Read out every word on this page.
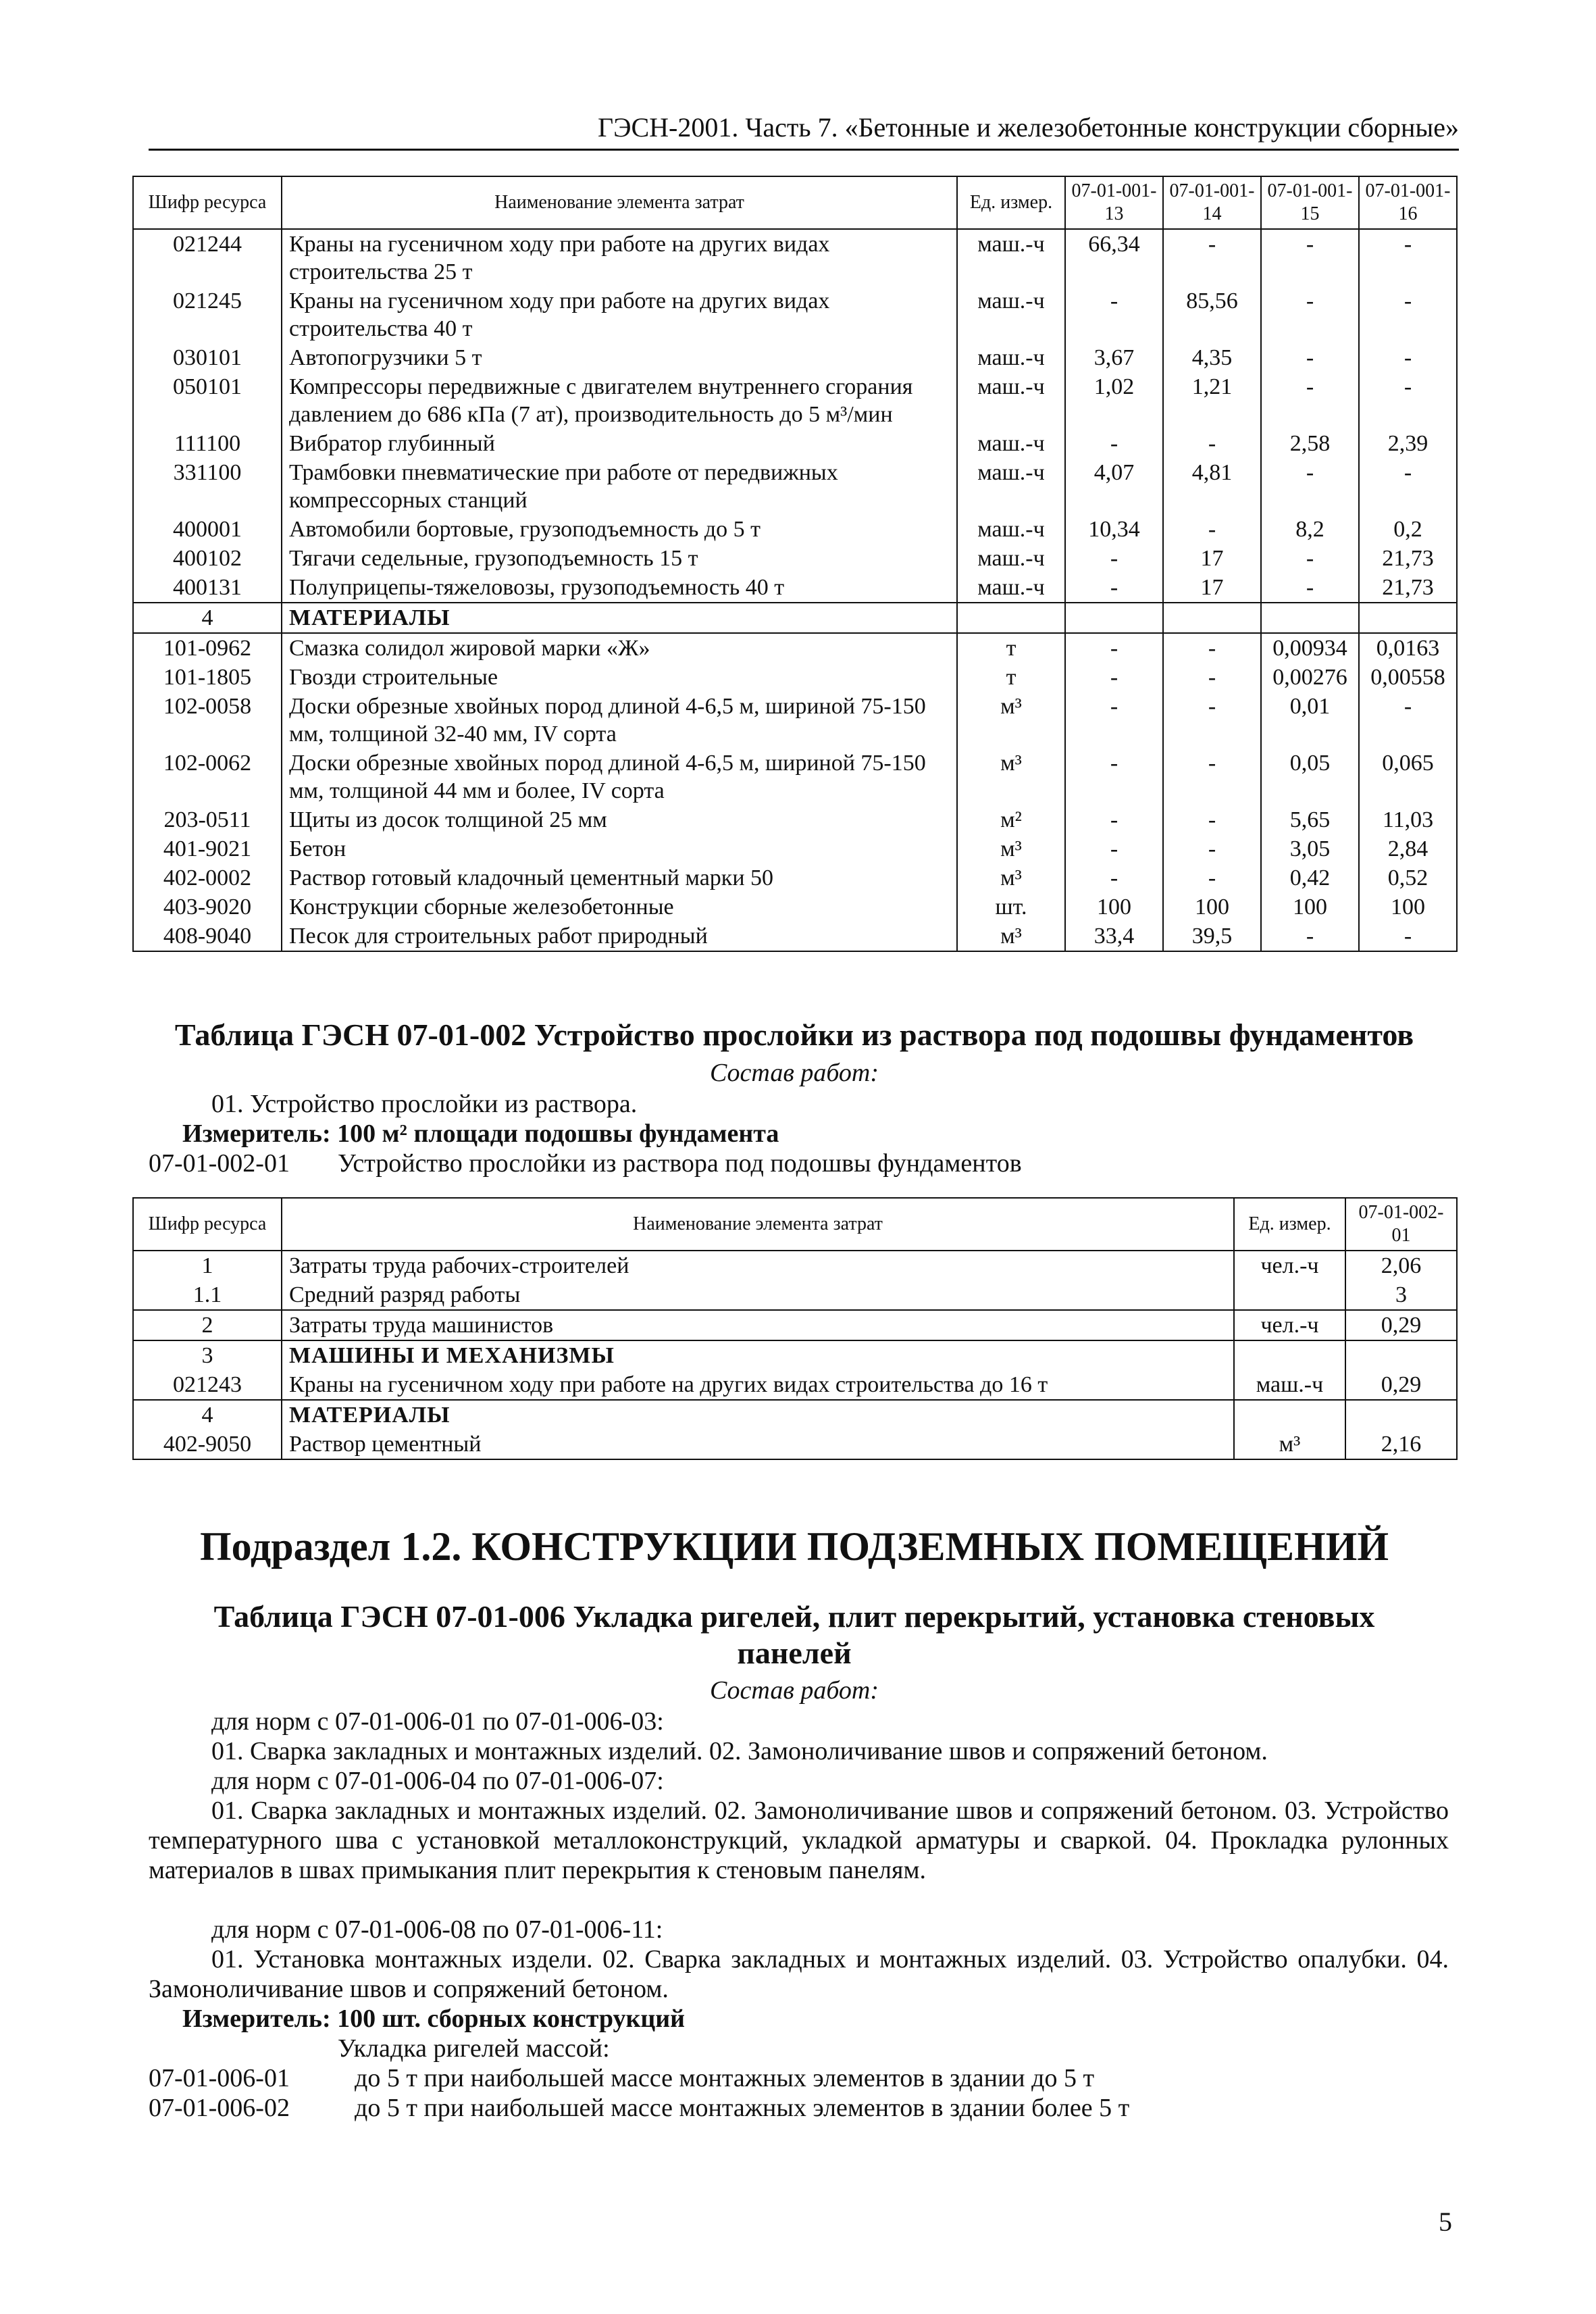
ГЭСН-2001. Часть 7. «Бетонные и железобетонные конструкции сборные»
Шифр ресурса	Наименование элемента затрат	Ед. измер.	07-01-001-13	07-01-001-14	07-01-001-15	07-01-001-16
021244	Краны на гусеничном ходу при работе на других видах строительства 25 т	маш.-ч	66,34	-	-	-
021245	Краны на гусеничном ходу при работе на других видах строительства 40 т	маш.-ч	-	85,56	-	-
030101	Автопогрузчики 5 т	маш.-ч	3,67	4,35	-	-
050101	Компрессоры передвижные с двигателем внутреннего сгорания давлением до 686 кПа (7 ат), производительность до 5 м³/мин	маш.-ч	1,02	1,21	-	-
111100	Вибратор глубинный	маш.-ч	-	-	2,58	2,39
331100	Трамбовки пневматические при работе от передвижных компрессорных станций	маш.-ч	4,07	4,81	-	-
400001	Автомобили бортовые, грузоподъемность до 5 т	маш.-ч	10,34	-	8,2	0,2
400102	Тягачи седельные, грузоподъемность 15 т	маш.-ч	-	17	-	21,73
400131	Полуприцепы-тяжеловозы, грузоподъемность 40 т	маш.-ч	-	17	-	21,73
4	МАТЕРИАЛЫ					
101-0962	Смазка солидол жировой марки «Ж»	т	-	-	0,00934	0,0163
101-1805	Гвозди строительные	т	-	-	0,00276	0,00558
102-0058	Доски обрезные хвойных пород длиной 4-6,5 м, шириной 75-150 мм, толщиной 32-40 мм, IV сорта	м³	-	-	0,01	-
102-0062	Доски обрезные хвойных пород длиной 4-6,5 м, шириной 75-150 мм, толщиной 44 мм и более, IV сорта	м³	-	-	0,05	0,065
203-0511	Щиты из досок толщиной 25 мм	м²	-	-	5,65	11,03
401-9021	Бетон	м³	-	-	3,05	2,84
402-0002	Раствор готовый кладочный цементный марки 50	м³	-	-	0,42	0,52
403-9020	Конструкции сборные железобетонные	шт.	100	100	100	100
408-9040	Песок для строительных работ природный	м³	33,4	39,5	-	-
Таблица ГЭСН 07-01-002 Устройство прослойки из раствора под подошвы фундаментов
Состав работ:
01. Устройство прослойки из раствора.
Измеритель: 100 м² площади подошвы фундамента
07-01-002-01 Устройство прослойки из раствора под подошвы фундаментов
Шифр ресурса	Наименование элемента затрат	Ед. измер.	07-01-002-01
1	Затраты труда рабочих-строителей	чел.-ч	2,06
1.1	Средний разряд работы		3
2	Затраты труда машинистов	чел.-ч	0,29
3	МАШИНЫ И МЕХАНИЗМЫ		
021243	Краны на гусеничном ходу при работе на других видах строительства до 16 т	маш.-ч	0,29
4	МАТЕРИАЛЫ		
402-9050	Раствор цементный	м³	2,16
Подраздел 1.2. КОНСТРУКЦИИ ПОДЗЕМНЫХ ПОМЕЩЕНИЙ
Таблица ГЭСН 07-01-006 Укладка ригелей, плит перекрытий, установка стеновых
панелей
Состав работ:
для норм с 07-01-006-01 по 07-01-006-03:
01. Сварка закладных и монтажных изделий. 02. Замоноличивание швов и сопряжений бетоном.
для норм с 07-01-006-04 по 07-01-006-07:
01. Сварка закладных и монтажных изделий. 02. Замоноличивание швов и сопряжений бетоном. 03. Устройство температурного шва с установкой металлоконструкций, укладкой арматуры и сваркой. 04. Прокладка рулонных материалов в швах примыкания плит перекрытия к стеновым панелям.
для норм с 07-01-006-08 по 07-01-006-11:
01. Установка монтажных издели. 02. Сварка закладных и монтажных изделий. 03. Устройство опалубки. 04. Замоноличивание швов и сопряжений бетоном.
Измеритель: 100 шт. сборных конструкций
Укладка ригелей массой:
07-01-006-01	до 5 т при наибольшей массе монтажных элементов в здании до 5 т
07-01-006-02	до 5 т при наибольшей массе монтажных элементов в здании более 5 т
5
